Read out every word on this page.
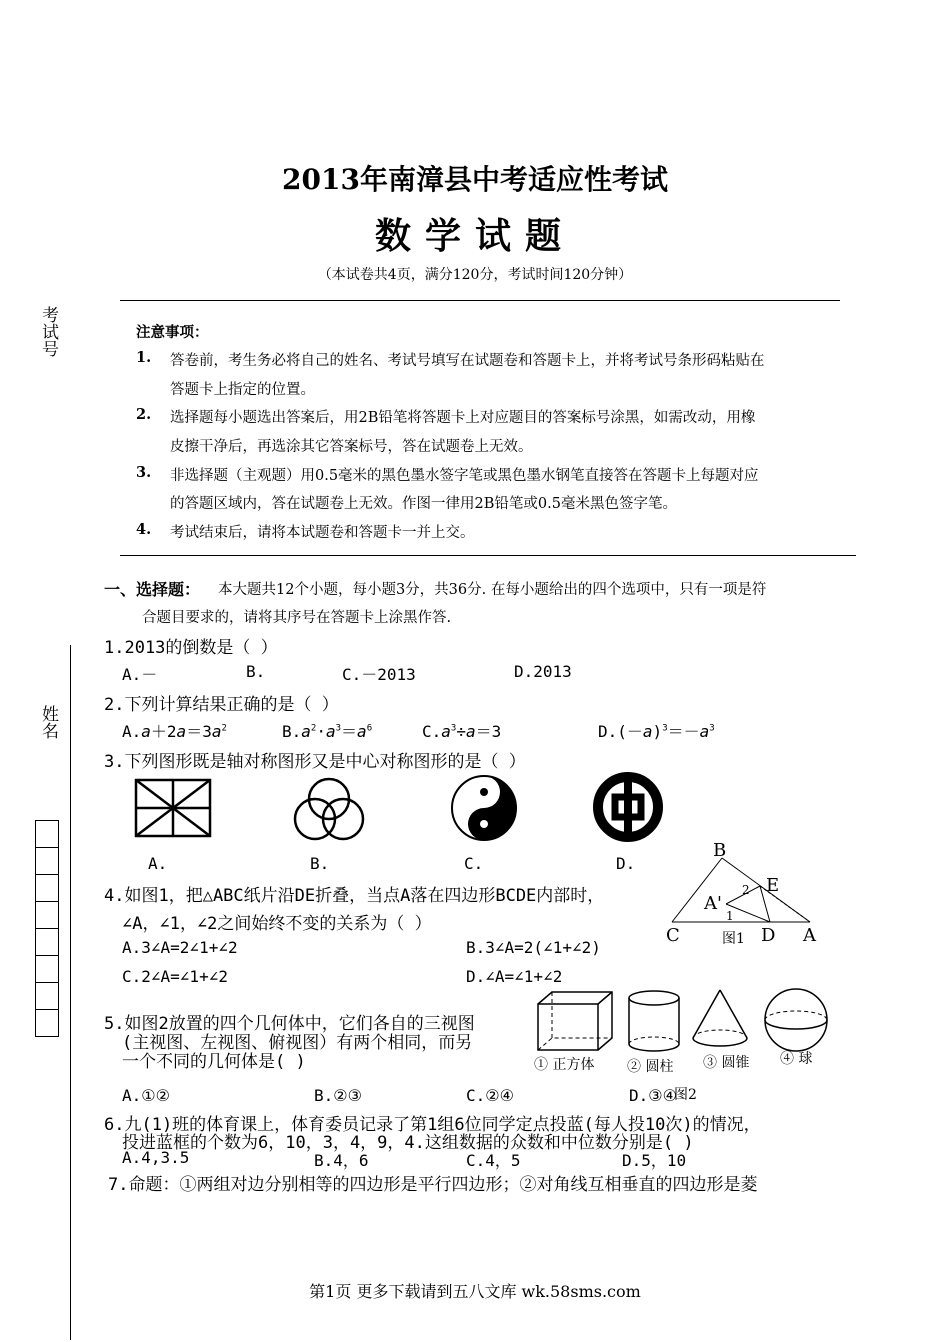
2013年南漳县中考适应性考试
数学试题
（本试卷共4页，满分120分，考试时间120分钟）
考试号
姓名
注意事项：
1. 答卷前，考生务必将自己的姓名、考试号填写在试题卷和答题卡上，并将考试号条形码粘贴在
答题卡上指定的位置。
2. 选择题每小题选出答案后，用2B铅笔将答题卡上对应题目的答案标号涂黑，如需改动，用橡
皮擦干净后，再选涂其它答案标号，答在试题卷上无效。
3. 非选择题（主观题）用0.5毫米的黑色墨水签字笔或黑色墨水钢笔直接答在答题卡上每题对应
的答题区域内，答在试题卷上无效。作图一律用2B铅笔或0.5毫米黑色签字笔。
4. 考试结束后，请将本试题卷和答题卡一并上交。
一、选择题： 本大题共12个小题，每小题3分，共36分. 在每小题给出的四个选项中，只有一项是符
合题目要求的，请将其序号在答题卡上涂黑作答.
1.2013的倒数是（ ）
A.－	B.	C.－2013	D.2013
2.下列计算结果正确的是（ ）
$A.a+2a=3a^2$	$B.a^2\cdot a^3=a^6$	$C.a^3\div a=3$	$D.(-a)^3=-a^3$
3.下列图形既是轴对称图形又是中心对称图形的是（ ）
A.	B.	C.	D.
4.如图1，把△ABC纸片沿DE折叠，当点A落在四边形BCDE内部时，
∠A，∠1，∠2之间始终不变的关系为（ ）
A.3∠A=2∠1+∠2	B.3∠A=2(∠1+∠2)
C.2∠A=∠1+∠2	D.∠A=∠1+∠2
B
E
A'
2
1
C	图1 D A
5.如图2放置的四个几何体中，它们各自的三视图
(主视图、左视图、俯视图）有两个相同，而另
一个不同的几何体是( )	① 正方体 ② 圆柱 ③ 圆锥 ④ 球
A.①②	B.②③	C.②④	D.③④
图2
6.九(1)班的体育课上，体育委员记录了第1组6位同学定点投蓝(每人投10次)的情况，
投进蓝框的个数为6，10，3，4，9，4.这组数据的众数和中位数分别是( )
A.4,3.5	B.4，6	C.4，5	D.5，10
7.命题：①两组对边分别相等的四边形是平行四边形；②对角线互相垂直的四边形是菱
第1页 更多下载请到五八文库 wk.58sms.com
